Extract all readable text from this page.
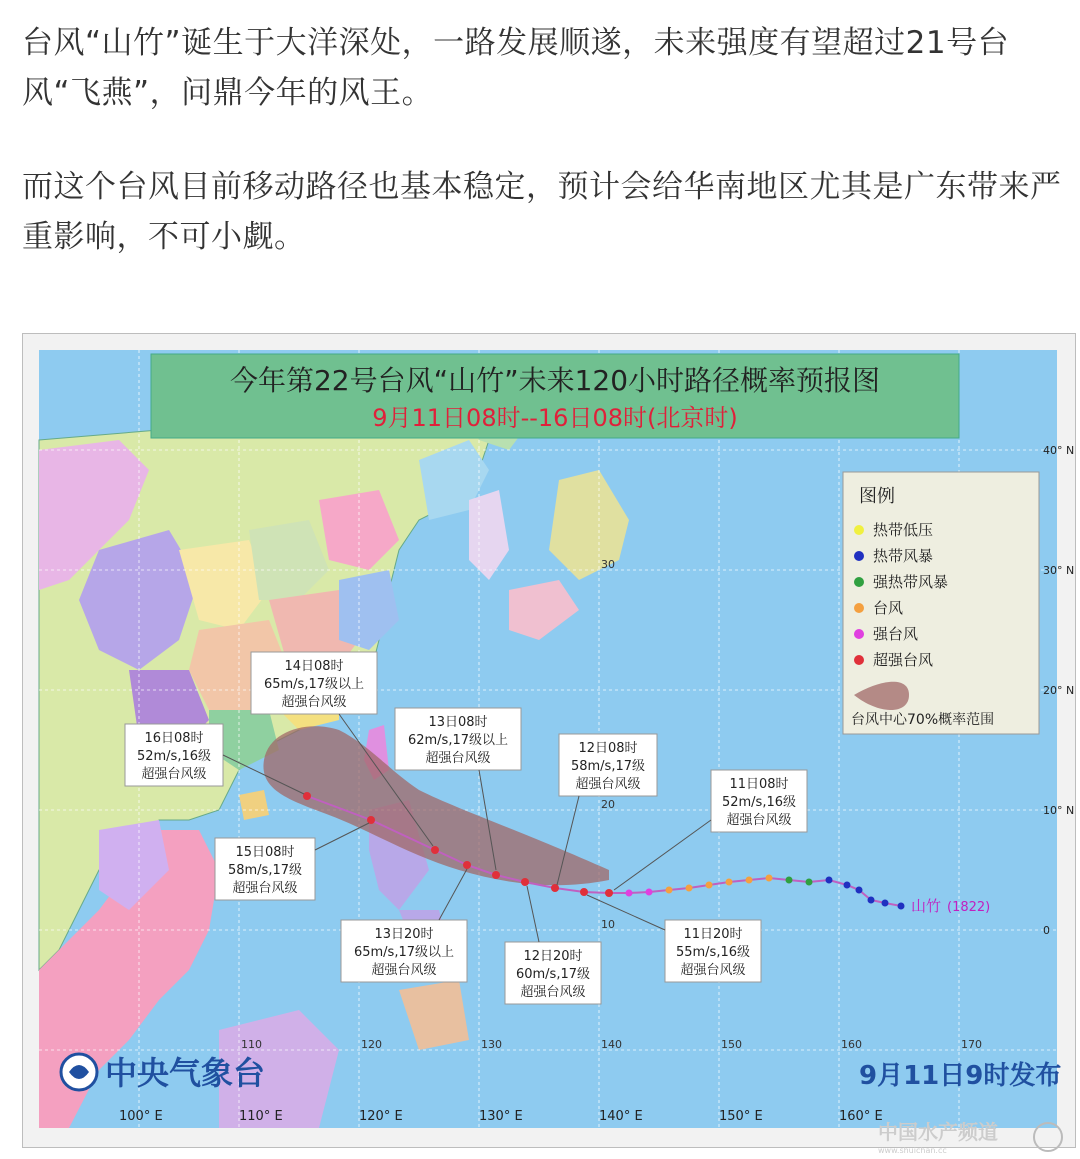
台风“山竹”诞生于大洋深处，一路发展顺遂，未来强度有望超过21号台风“飞燕”，问鼎今年的风王。

而这个台风目前移动路径也基本稳定，预计会给华南地区尤其是广东带来严重影响，不可小觑。

山竹 (1822)
今年第22号台风“山竹”未来120小时路径概率预报图
9月11日08时--16日08时(北京时)
图例
热带低压
热带风暴
强热带风暴
台风
强台风
超强台风
台风中心70%概率范围
11日08时
52m/s,16级
超强台风级
11日20时
55m/s,16级
超强台风级
12日08时
58m/s,17级
超强台风级
12日20时
60m/s,17级
超强台风级
13日08时
62m/s,17级以上
超强台风级
13日20时
65m/s,17级以上
超强台风级
14日08时
65m/s,17级以上
超强台风级
15日08时
58m/s,17级
超强台风级
16日08时
52m/s,16级
超强台风级
100° E	110° E	120° E	130° E	140° E	150° E	160° E
40° N
30° N
20° N
10° N
0
140	150	160	170
110	120	130
30
20
10
中央气象台	9月11日9时发布
中国水产频道
www.shuichan.cc
